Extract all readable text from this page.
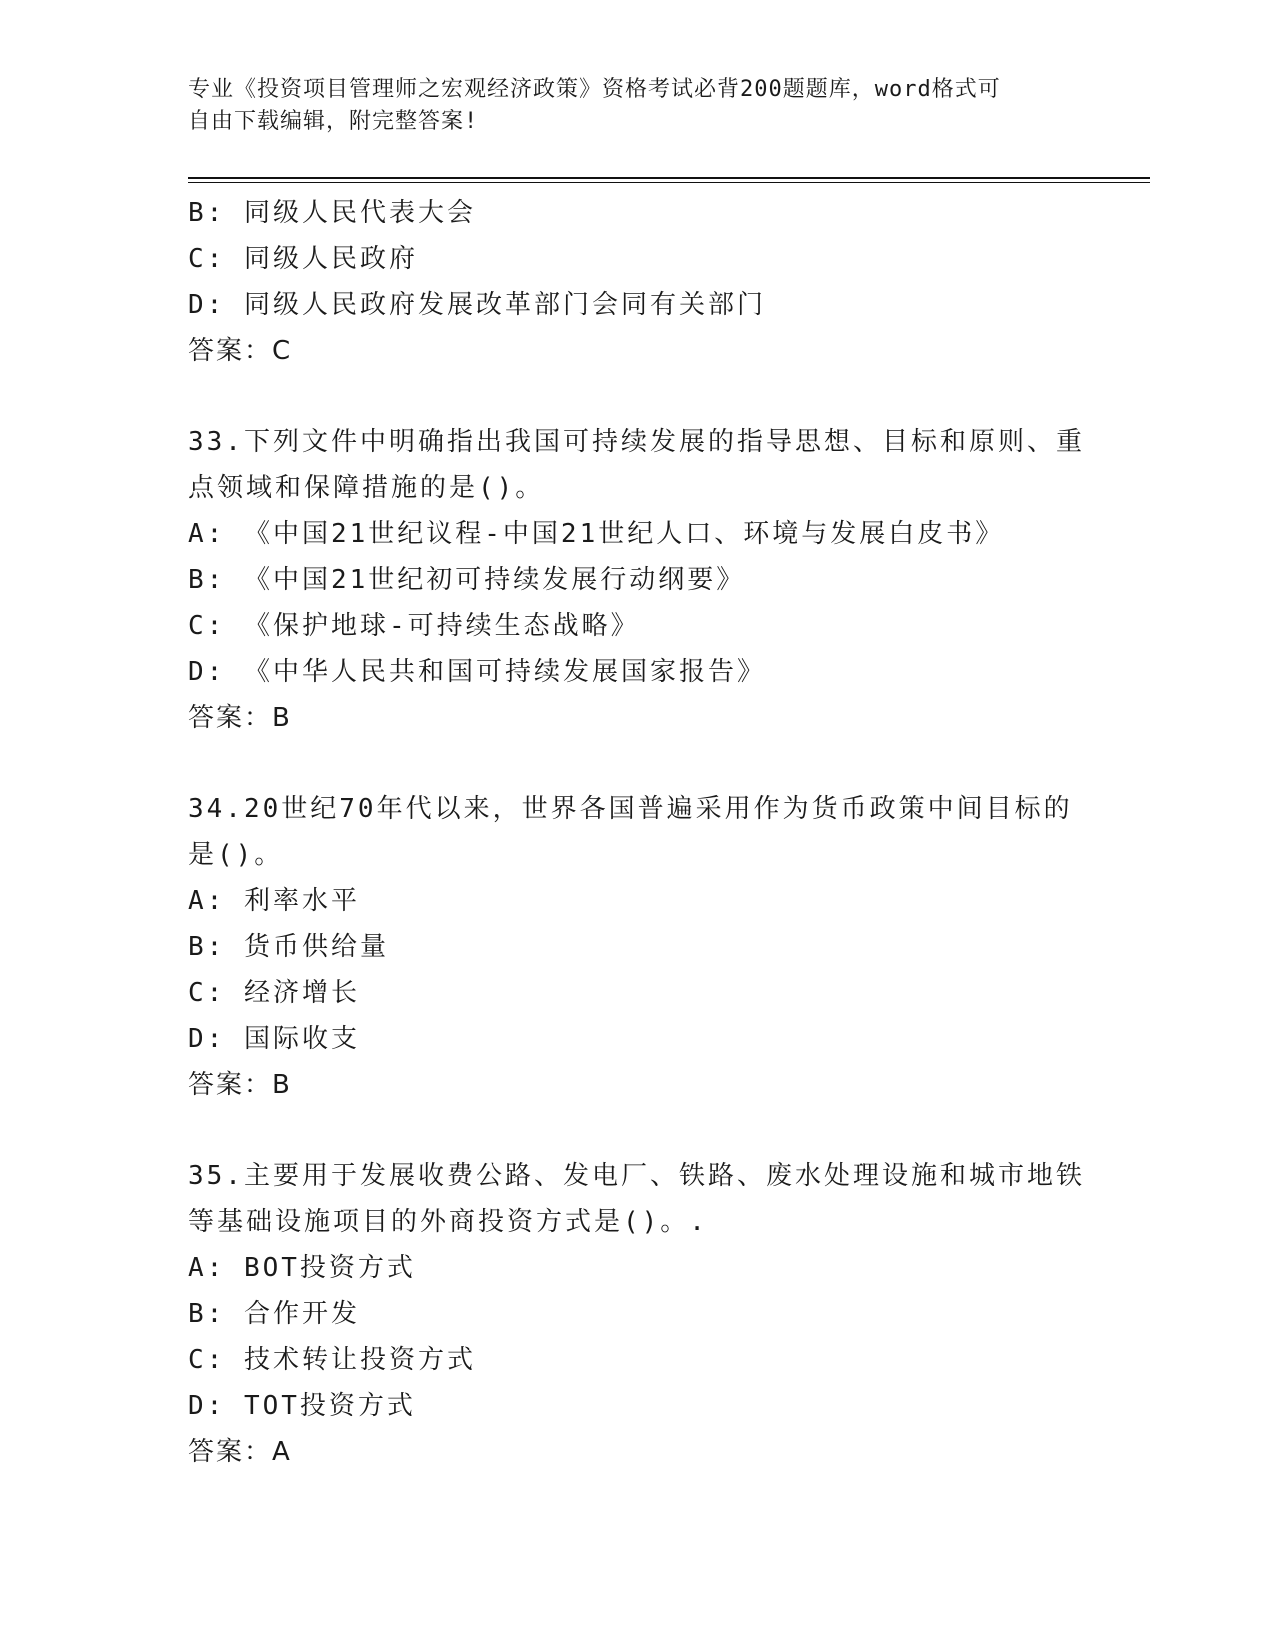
专业《投资项目管理师之宏观经济政策》资格考试必背200题题库，word格式可
自由下载编辑，附完整答案!
B: 同级人民代表大会
C: 同级人民政府
D: 同级人民政府发展改革部门会同有关部门
答案：C
33.下列文件中明确指出我国可持续发展的指导思想、目标和原则、重
点领域和保障措施的是()。
A: 《中国21世纪议程-中国21世纪人口、环境与发展白皮书》
B: 《中国21世纪初可持续发展行动纲要》
C: 《保护地球-可持续生态战略》
D: 《中华人民共和国可持续发展国家报告》
答案：B
34.20世纪70年代以来，世界各国普遍采用作为货币政策中间目标的
是()。
A: 利率水平
B: 货币供给量
C: 经济增长
D: 国际收支
答案：B
35.主要用于发展收费公路、发电厂、铁路、废水处理设施和城市地铁
等基础设施项目的外商投资方式是()。.
A: BOT投资方式
B: 合作开发
C: 技术转让投资方式
D: TOT投资方式
答案：A
